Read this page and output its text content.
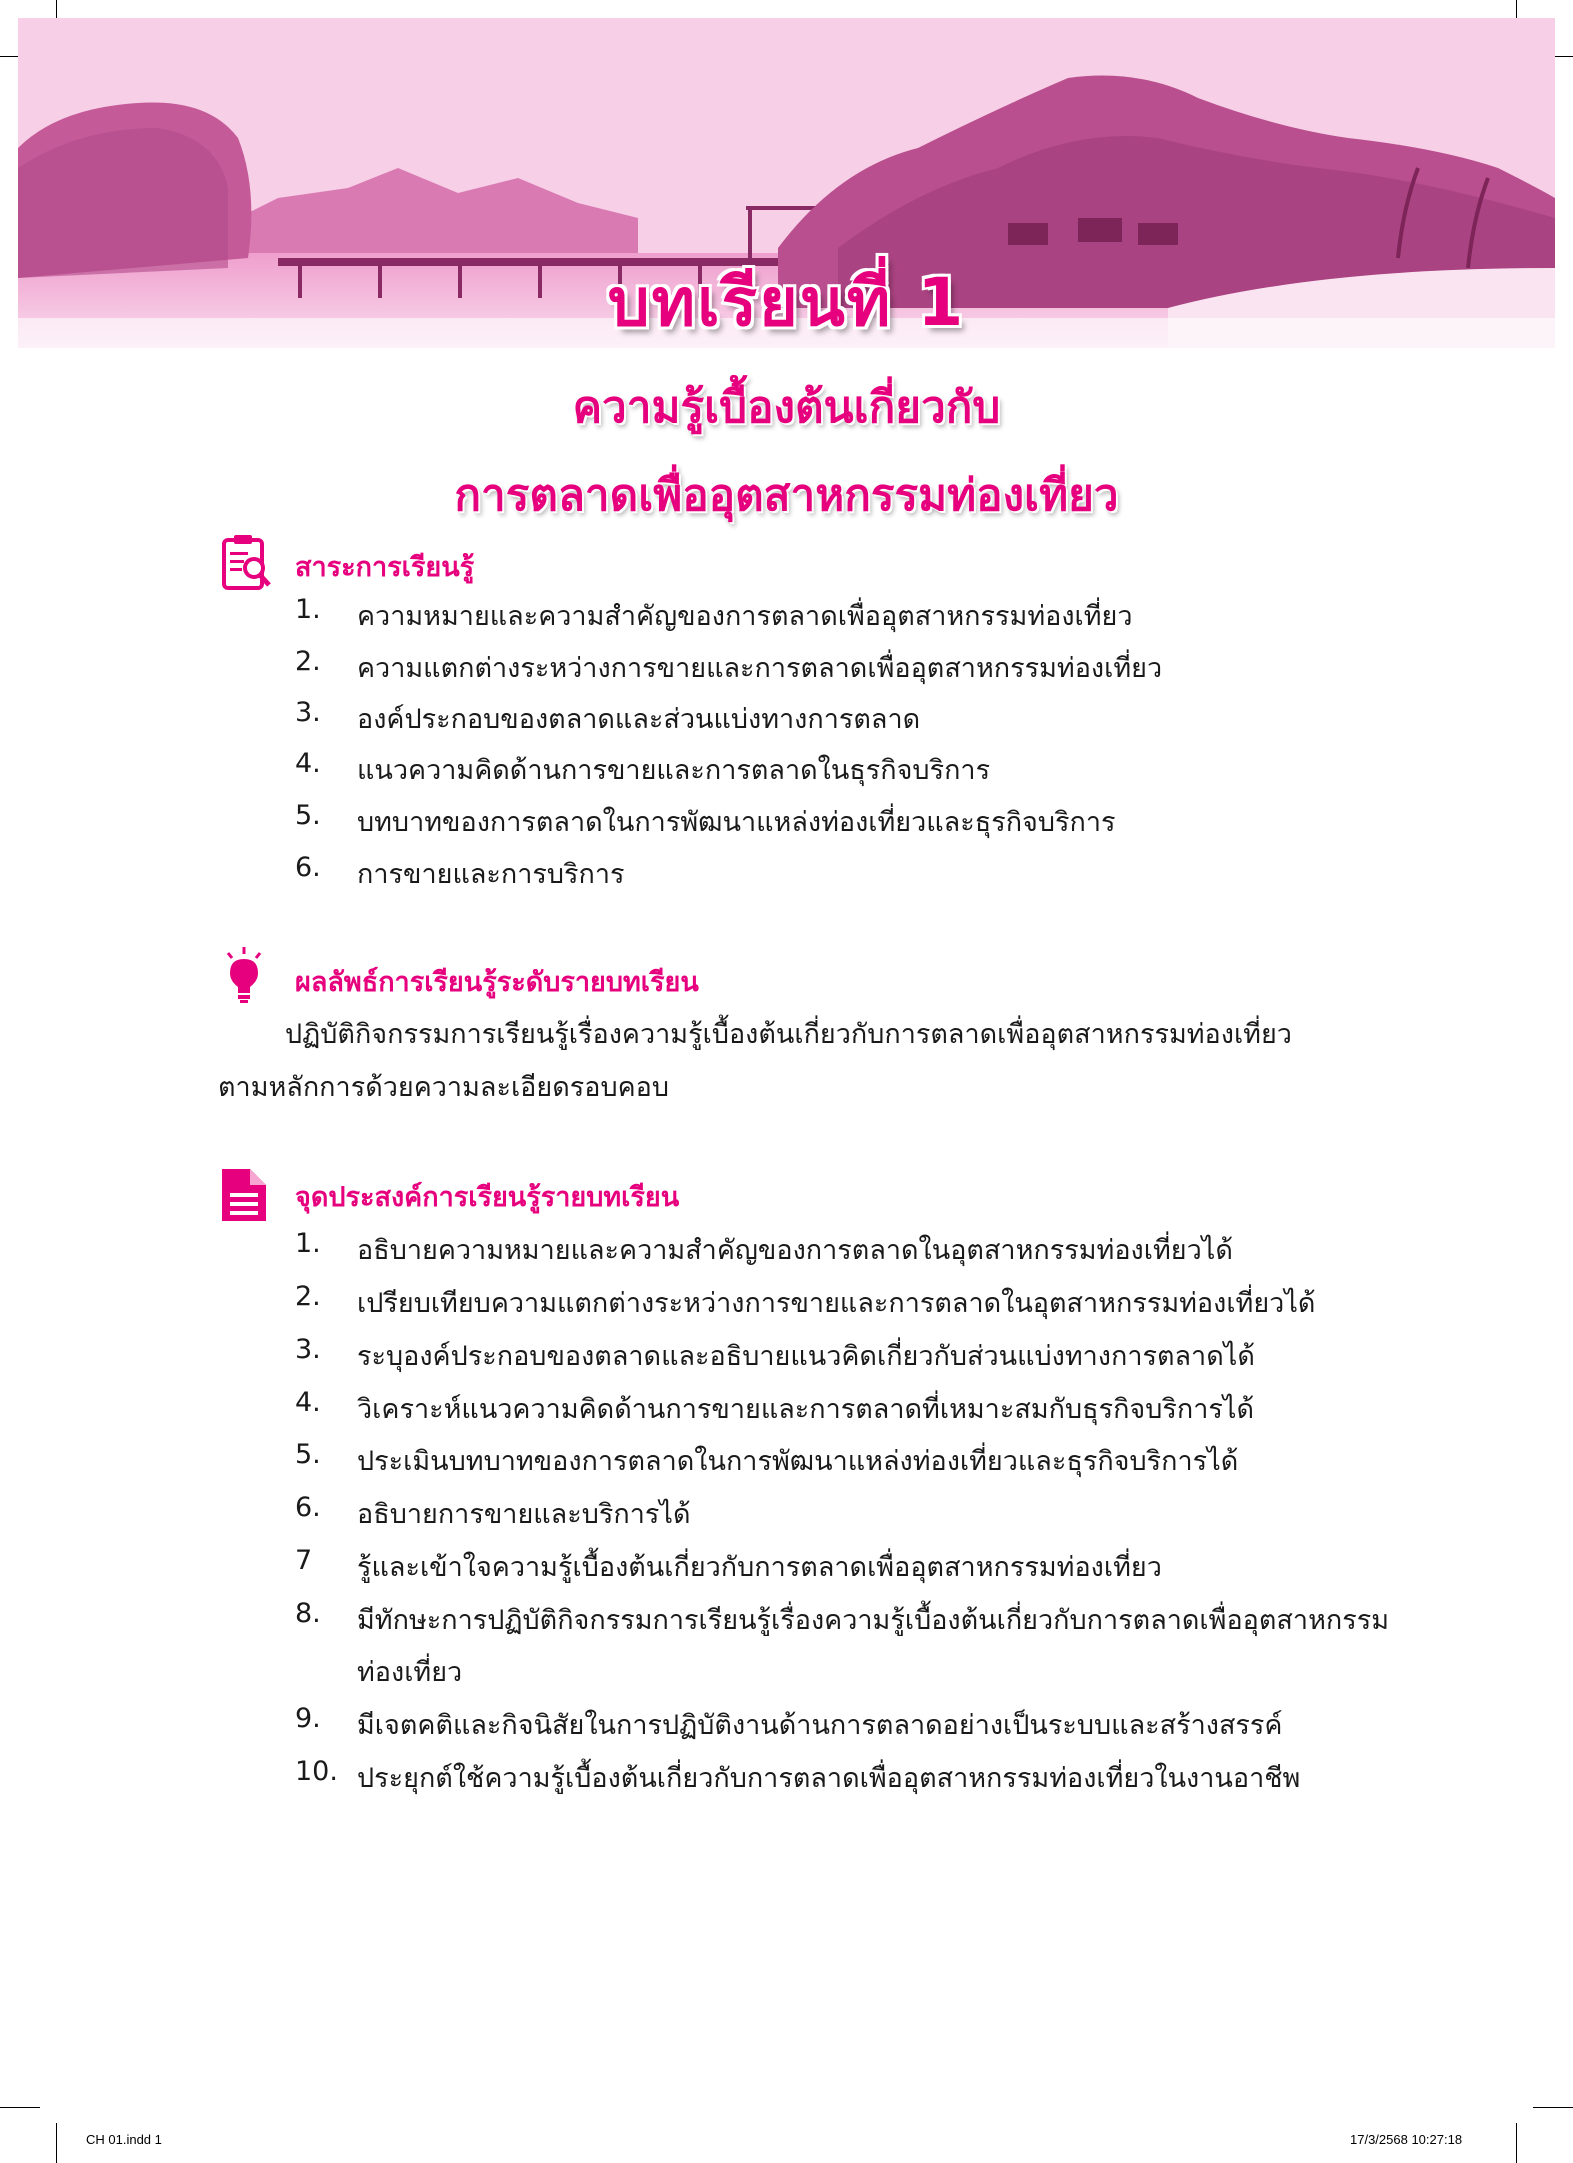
บทเรียนที่ 1
ความรู้เบื้องต้นเกี่ยวกับ
การตลาดเพื่ออุตสาหกรรมท่องเที่ยว
สาระการเรียนรู้
1. ความหมายและความสำคัญของการตลาดเพื่ออุตสาหกรรมท่องเที่ยว
2. ความแตกต่างระหว่างการขายและการตลาดเพื่ออุตสาหกรรมท่องเที่ยว
3. องค์ประกอบของตลาดและส่วนแบ่งทางการตลาด
4. แนวความคิดด้านการขายและการตลาดในธุรกิจบริการ
5. บทบาทของการตลาดในการพัฒนาแหล่งท่องเที่ยวและธุรกิจบริการ
6. การขายและการบริการ
ผลลัพธ์การเรียนรู้ระดับรายบทเรียน
ปฏิบัติกิจกรรมการเรียนรู้เรื่องความรู้เบื้องต้นเกี่ยวกับการตลาดเพื่ออุตสาหกรรมท่องเที่ยว
ตามหลักการด้วยความละเอียดรอบคอบ
จุดประสงค์การเรียนรู้รายบทเรียน
1. อธิบายความหมายและความสำคัญของการตลาดในอุตสาหกรรมท่องเที่ยวได้
2. เปรียบเทียบความแตกต่างระหว่างการขายและการตลาดในอุตสาหกรรมท่องเที่ยวได้
3. ระบุองค์ประกอบของตลาดและอธิบายแนวคิดเกี่ยวกับส่วนแบ่งทางการตลาดได้
4. วิเคราะห์แนวความคิดด้านการขายและการตลาดที่เหมาะสมกับธุรกิจบริการได้
5. ประเมินบทบาทของการตลาดในการพัฒนาแหล่งท่องเที่ยวและธุรกิจบริการได้
6. อธิบายการขายและบริการได้
7 รู้และเข้าใจความรู้เบื้องต้นเกี่ยวกับการตลาดเพื่ออุตสาหกรรมท่องเที่ยว
8. มีทักษะการปฏิบัติกิจกรรมการเรียนรู้เรื่องความรู้เบื้องต้นเกี่ยวกับการตลาดเพื่ออุตสาหกรรม
ท่องเที่ยว
9. มีเจตคติและกิจนิสัยในการปฏิบัติงานด้านการตลาดอย่างเป็นระบบและสร้างสรรค์
10. ประยุกต์ใช้ความรู้เบื้องต้นเกี่ยวกับการตลาดเพื่ออุตสาหกรรมท่องเที่ยวในงานอาชีพ
CH 01.indd 1	17/3/2568 10:27:18
